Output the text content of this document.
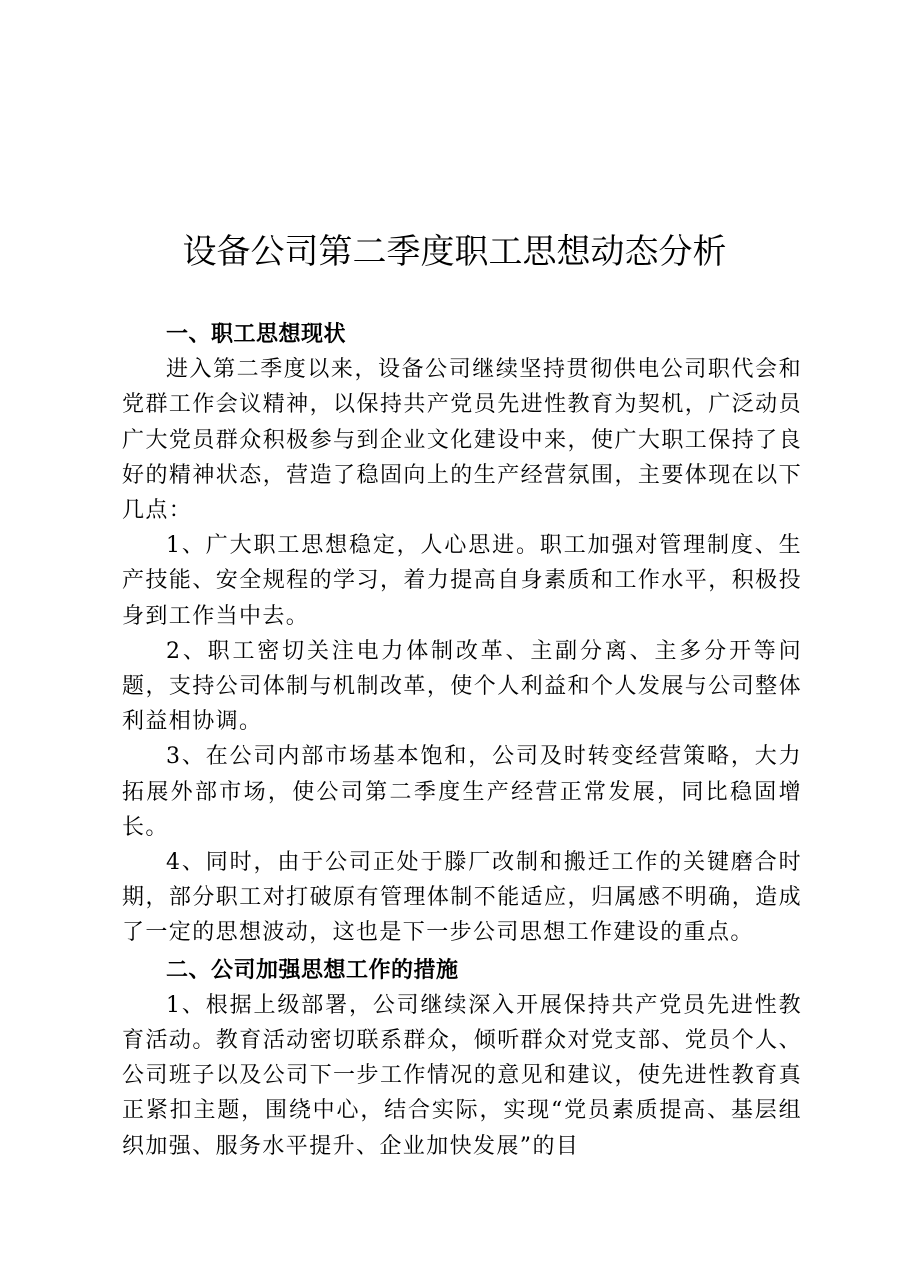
设备公司第二季度职工思想动态分析
一、职工思想现状

进入第二季度以来，设备公司继续坚持贯彻供电公司职代会和党群工作会议精神，以保持共产党员先进性教育为契机，广泛动员广大党员群众积极参与到企业文化建设中来，使广大职工保持了良好的精神状态，营造了稳固向上的生产经营氛围，主要体现在以下几点：

1、广大职工思想稳定，人心思进。职工加强对管理制度、生产技能、安全规程的学习，着力提高自身素质和工作水平，积极投身到工作当中去。

2、职工密切关注电力体制改革、主副分离、主多分开等问题，支持公司体制与机制改革，使个人利益和个人发展与公司整体利益相协调。

3、在公司内部市场基本饱和，公司及时转变经营策略，大力拓展外部市场，使公司第二季度生产经营正常发展，同比稳固增长。

4、同时，由于公司正处于滕厂改制和搬迁工作的关键磨合时期，部分职工对打破原有管理体制不能适应，归属感不明确，造成了一定的思想波动，这也是下一步公司思想工作建设的重点。

二、公司加强思想工作的措施

1、根据上级部署，公司继续深入开展保持共产党员先进性教育活动。教育活动密切联系群众，倾听群众对党支部、党员个人、公司班子以及公司下一步工作情况的意见和建议，使先进性教育真正紧扣主题，围绕中心，结合实际，实现“党员素质提高、基层组织加强、服务水平提升、企业加快发展”的目
